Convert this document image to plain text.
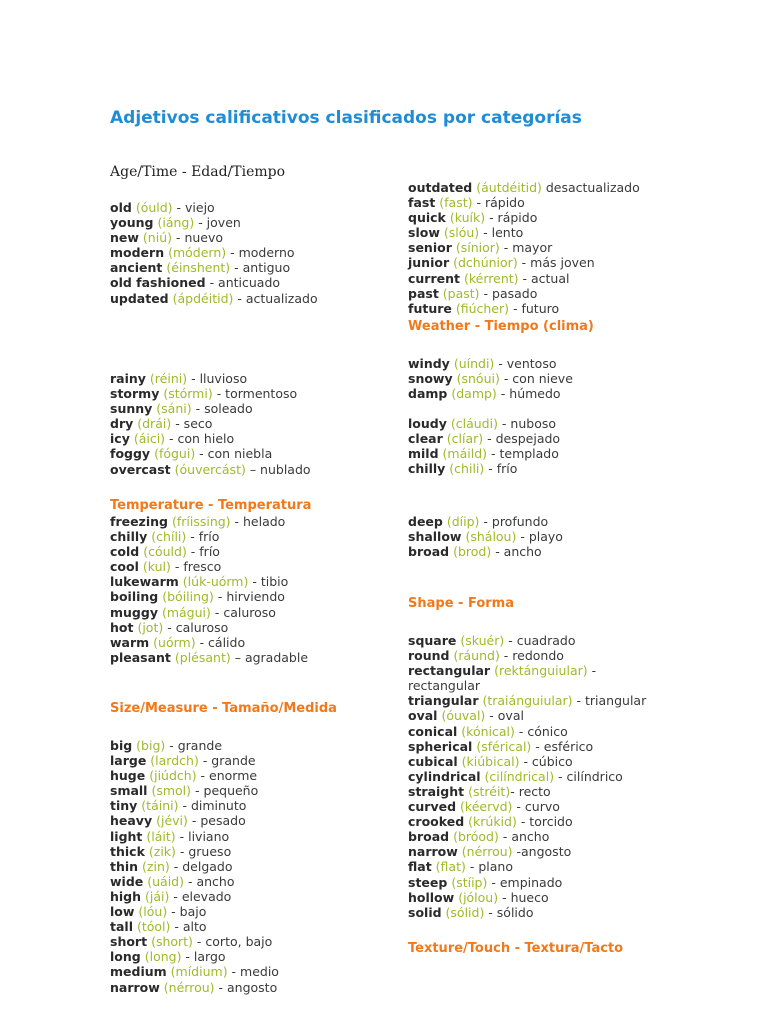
Adjetivos calificativos clasificados por categorías
Age/Time - Edad/Tiempo
old (óuld) - viejo
young (iáng) - joven
new (niú) - nuevo
modern (módern) - moderno
ancient (éinshent) - antiguo
old fashioned - anticuado
updated (ápdéitid) - actualizado
rainy (réini) - lluvioso
stormy (stórmi) - tormentoso
sunny (sáni) - soleado
dry (drái) - seco
icy (áici) - con hielo
foggy (fógui) - con niebla
overcast (óuvercást) – nublado
Temperature - Temperatura
freezing (fríissing) - helado
chilly (chíli) - frío
cold (cóuld) - frío
cool (kul) - fresco
lukewarm (lúk-uórm) - tibio
boiling (bóiling) - hirviendo
muggy (mágui) - caluroso
hot (jot) - caluroso
warm (uórm) - cálido
pleasant (plésant) – agradable
Size/Measure - Tamaño/Medida
big (big) - grande
large (lardch) - grande
huge (jiúdch) - enorme
small (smol) - pequeño
tiny (táini) - diminuto
heavy (jévi) - pesado
light (láit) - liviano
thick (zik) - grueso
thin (zin) - delgado
wide (uáid) - ancho
high (jái) - elevado
low (lóu) - bajo
tall (tóol) - alto
short (short) - corto, bajo
long (long) - largo
medium (mídium) - medio
narrow (nérrou) - angosto
outdated (áutdéitid) desactualizado
fast (fast) - rápido
quick (kuík) - rápido
slow (slóu) - lento
senior (sínior) - mayor
junior (dchúnior) - más joven
current (kérrent) - actual
past (past) - pasado
future (fiúcher) - futuro
Weather - Tiempo (clima)
windy (uíndi) - ventoso
snowy (snóui) - con nieve
damp (damp) - húmedo
loudy (cláudi) - nuboso
clear (clíar) - despejado
mild (máild) - templado
chilly (chili) - frío
deep (díip) - profundo
shallow (shálou) - playo
broad (brod) - ancho
Shape - Forma
square (skuér) - cuadrado
round (ráund) - redondo
rectangular (rektánguiular) - rectangular
triangular (traiánguiular) - triangular
oval (óuval) - oval
conical (kónical) - cónico
spherical (sférical) - esférico
cubical (kiúbical) - cúbico
cylindrical (cilíndrical) - cilíndrico
straight (stréit)- recto
curved (kéervd) - curvo
crooked (krúkid) - torcido
broad (bróod) - ancho
narrow (nérrou) -angosto
flat (flat) - plano
steep (stíip) - empinado
hollow (jólou) - hueco
solid (sólid) - sólido
Texture/Touch - Textura/Tacto
